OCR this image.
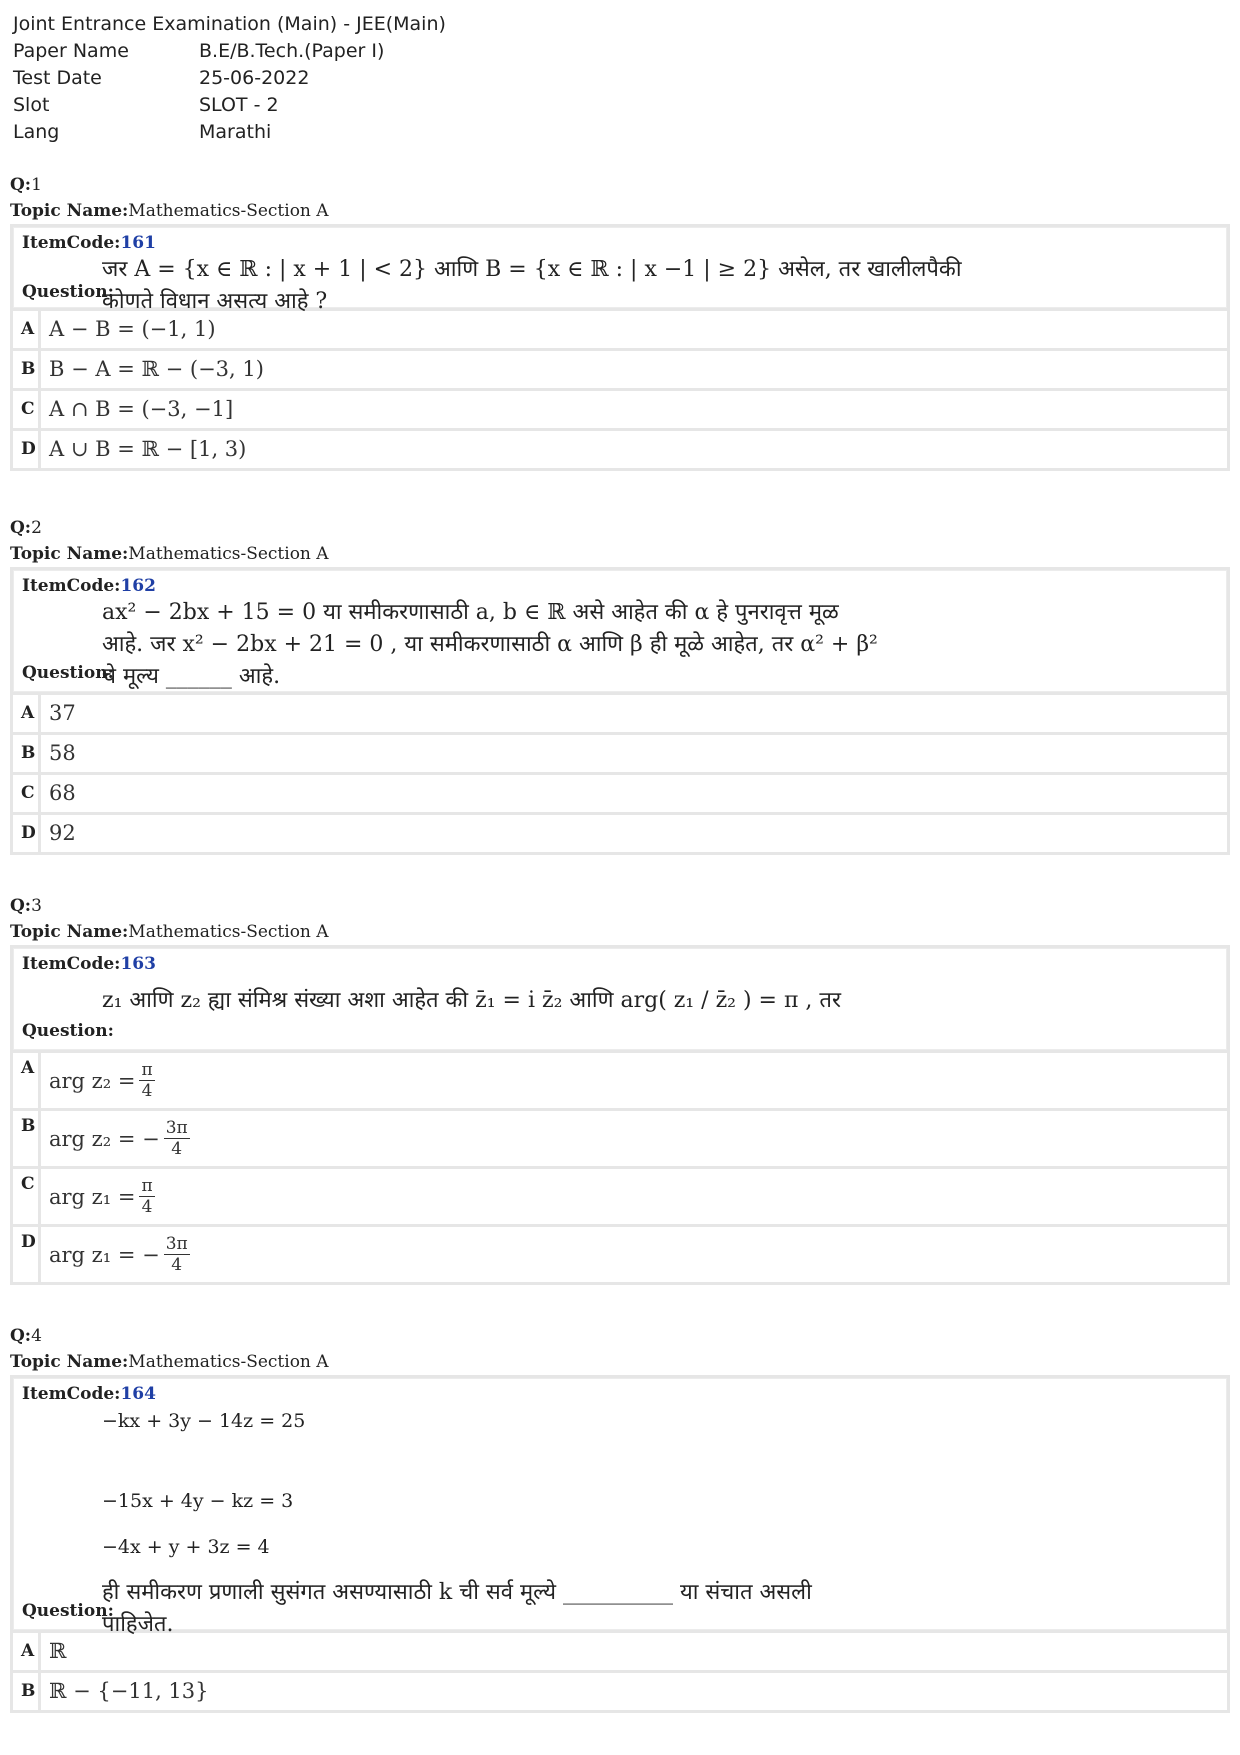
Joint Entrance Examination (Main) - JEE(Main)
Paper Name	B.E/B.Tech.(Paper I)
Test Date	25-06-2022
Slot	SLOT - 2
Lang	Marathi
Q:1
Topic Name:Mathematics-Section A
ItemCode:161
जर A = {x ∈ ℝ : | x + 1 | < 2} आणि B = {x ∈ ℝ : | x −1 | ≥ 2} असेल, तर खालीलपैकी
कोणते विधान असत्य आहे ?
Question:
A A − B = (−1, 1)
B B − A = ℝ − (−3, 1)
C A ∩ B = (−3, −1]
D A ∪ B = ℝ − [1, 3)
Q:2
Topic Name:Mathematics-Section A
ItemCode:162
ax² − 2bx + 15 = 0 या समीकरणासाठी a, b ∈ ℝ असे आहेत की α हे पुनरावृत्त मूळ
आहे. जर x² − 2bx + 21 = 0 , या समीकरणासाठी α आणि β ही मूळे आहेत, तर α² + β²
चे मूल्य ______ आहे.
Question:
A 37
B 58
C 68
D 92
Q:3
Topic Name:Mathematics-Section A
ItemCode:163
z₁ आणि z₂ ह्या संमिश्र संख्या अशा आहेत की z̄₁ = i z̄₂ आणि arg( z₁ / z̄₂ ) = π , तर
Question:
A
arg $z_2 = \frac{\pi}{4}$
B
arg z₂ = − $\frac{3\pi}{4}$
C
arg $z_1 = \frac{\pi}{4}$
D
arg z₁ = − $\frac{3\pi}{4}$
Q:4
Topic Name:Mathematics-Section A
ItemCode:164
−kx + 3y − 14z = 25
−15x + 4y − kz = 3
−4x + y + 3z = 4
ही समीकरण प्रणाली सुसंगत असण्यासाठी k ची सर्व मूल्ये __________ या संचात असली
पाहिजेत.
Question:
A ℝ
B ℝ − {−11, 13}
